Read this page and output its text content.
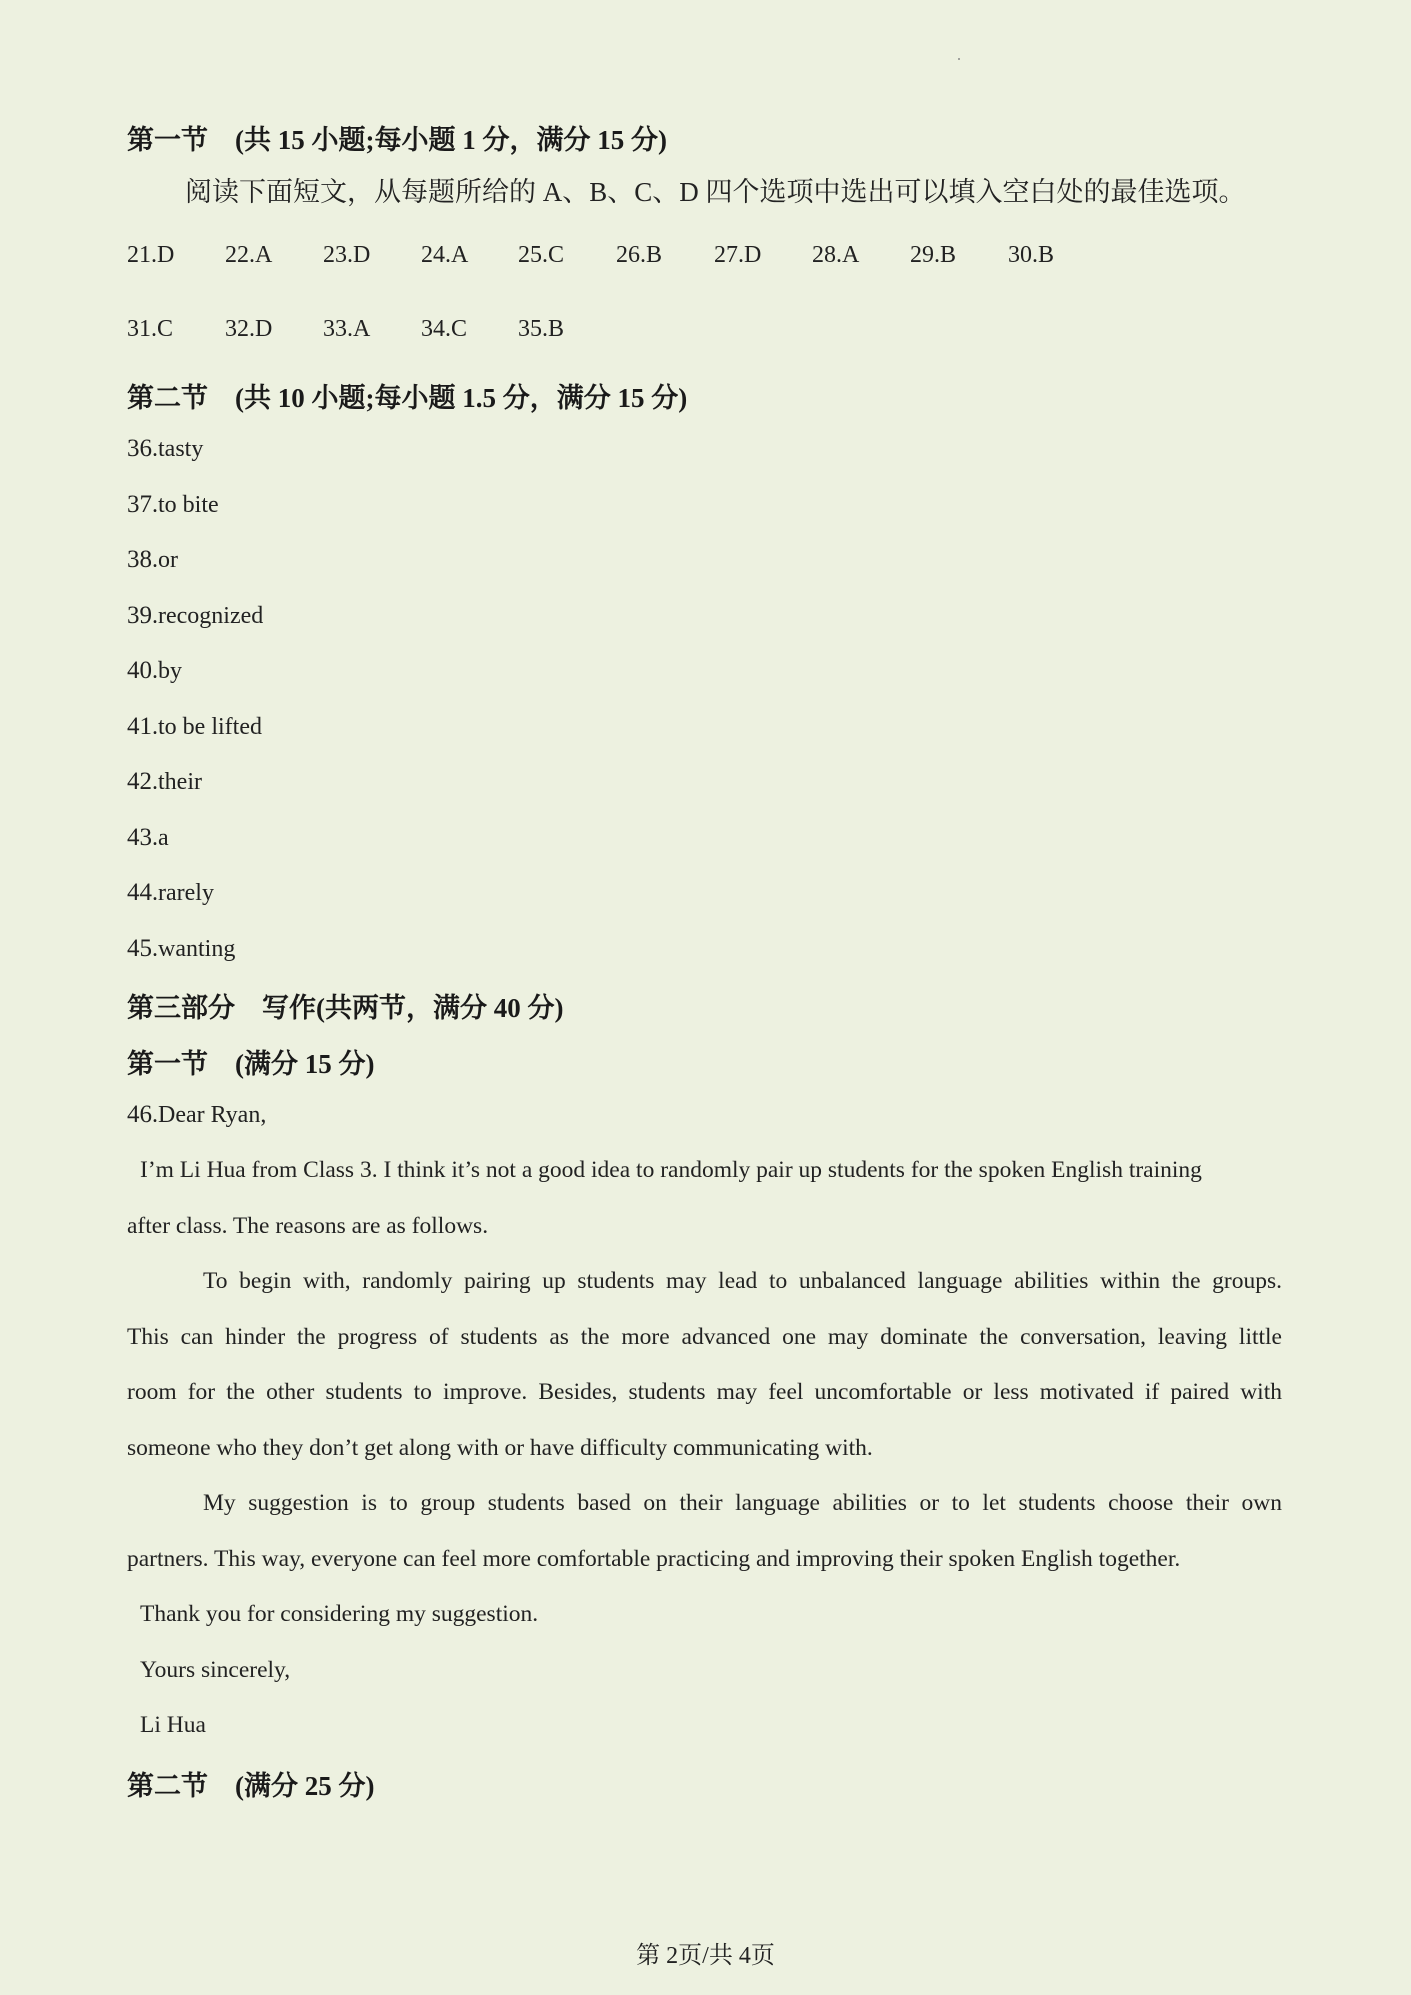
第一节　(共 15 小题;每小题 1 分，满分 15 分)
阅读下面短文，从每题所给的 A、B、C、D 四个选项中选出可以填入空白处的最佳选项。
21.D 22.A 23.D 24.A 25.C 26.B 27.D 28.A 29.B 30.B
31.C 32.D 33.A 34.C 35.B
第二节　(共 10 小题;每小题 1.5 分，满分 15 分)
36.tasty
37.to bite
38.or
39.recognized
40.by
41.to be lifted
42.their
43.a
44.rarely
45.wanting
第三部分　写作(共两节，满分 40 分)
第一节　(满分 15 分)
46.Dear Ryan,
I’m Li Hua from Class 3. I think it’s not a good idea to randomly pair up students for the spoken English training
after class. The reasons are as follows.
To begin with, randomly pairing up students may lead to unbalanced language abilities within the groups.
This can hinder the progress of students as the more advanced one may dominate the conversation, leaving little
room for the other students to improve. Besides, students may feel uncomfortable or less motivated if paired with
someone who they don’t get along with or have difficulty communicating with.
My suggestion is to group students based on their language abilities or to let students choose their own
partners. This way, everyone can feel more comfortable practicing and improving their spoken English together.
Thank you for considering my suggestion.
Yours sincerely,
Li Hua
第二节　(满分 25 分)
第 2页/共 4页
